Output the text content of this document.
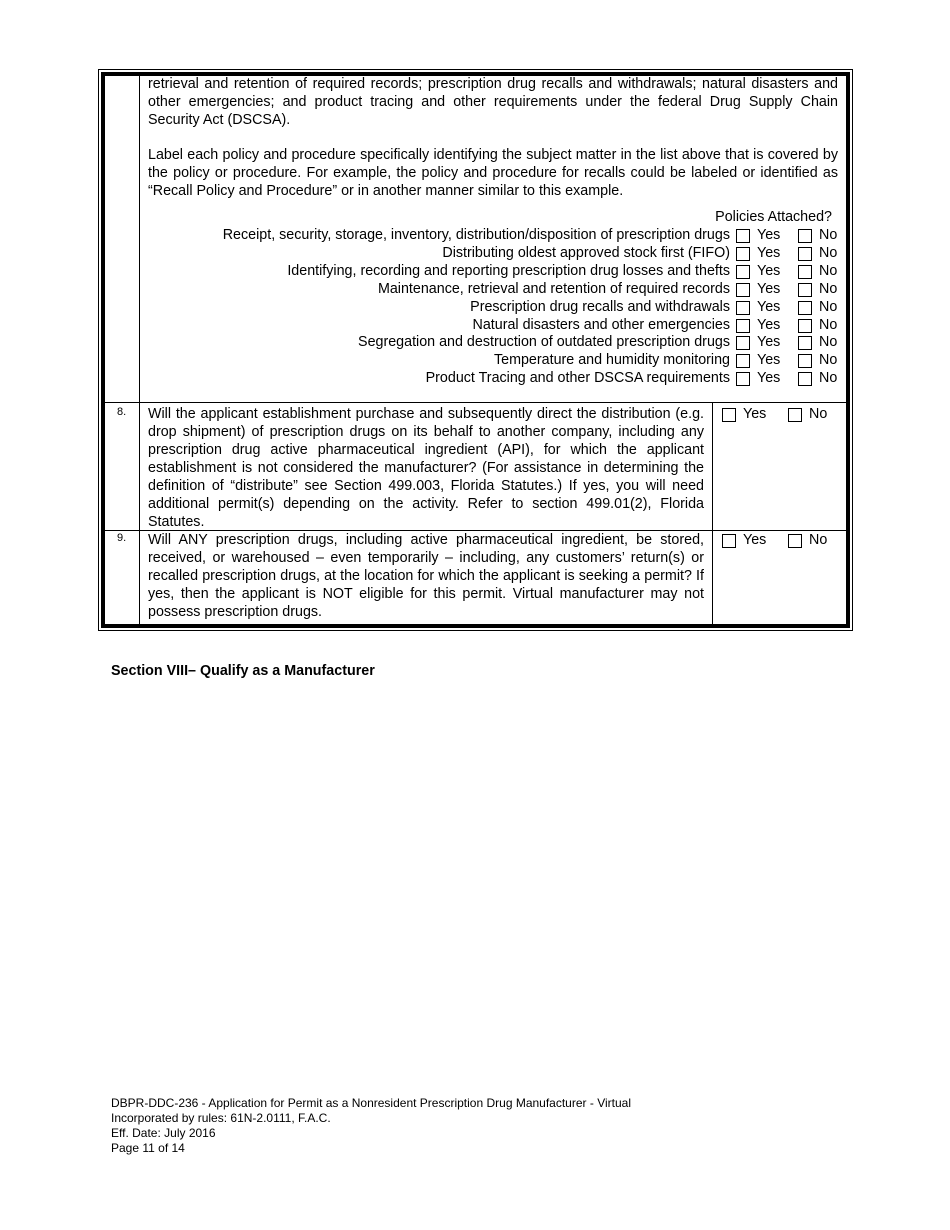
retrieval and retention of required records; prescription drug recalls and withdrawals; natural disasters and other emergencies; and product tracing and other requirements under the federal Drug Supply Chain Security Act (DSCSA).
Label each policy and procedure specifically identifying the subject matter in the list above that is covered by the policy or procedure. For example, the policy and procedure for recalls could be labeled or identified as “Recall Policy and Procedure” or in another manner similar to this example.
Policies Attached?
Receipt, security, storage, inventory, distribution/disposition of prescription drugs Yes	No
Distributing oldest approved stock first (FIFO) Yes	No
Identifying, recording and reporting prescription drug losses and thefts Yes	No
Maintenance, retrieval and retention of required records Yes	No
Prescription drug recalls and withdrawals Yes	No
Natural disasters and other emergencies Yes	No
Segregation and destruction of outdated prescription drugs Yes	No
Temperature and humidity monitoring Yes	No
Product Tracing and other DSCSA requirements Yes	No
8. Will the applicant establishment purchase and subsequently direct the distribution (e.g. drop shipment) of prescription drugs on its behalf to another company, including any prescription drug active pharmaceutical ingredient (API), for which the applicant establishment is not considered the manufacturer? (For assistance in determining the definition of “distribute” see Section 499.003, Florida Statutes.) If yes, you will need additional permit(s) depending on the activity. Refer to section 499.01(2), Florida Statutes.
Yes	No
9. Will ANY prescription drugs, including active pharmaceutical ingredient, be stored, received, or warehoused – even temporarily – including, any customers’ return(s) or recalled prescription drugs, at the location for which the applicant is seeking a permit? If yes, then the applicant is NOT eligible for this permit. Virtual manufacturer may not possess prescription drugs.
Yes	No
Section VIII– Qualify as a Manufacturer
DBPR-DDC-236 - Application for Permit as a Nonresident Prescription Drug Manufacturer - Virtual
Incorporated by rules: 61N-2.0111, F.A.C.
Eff. Date: July 2016
Page 11 of 14
